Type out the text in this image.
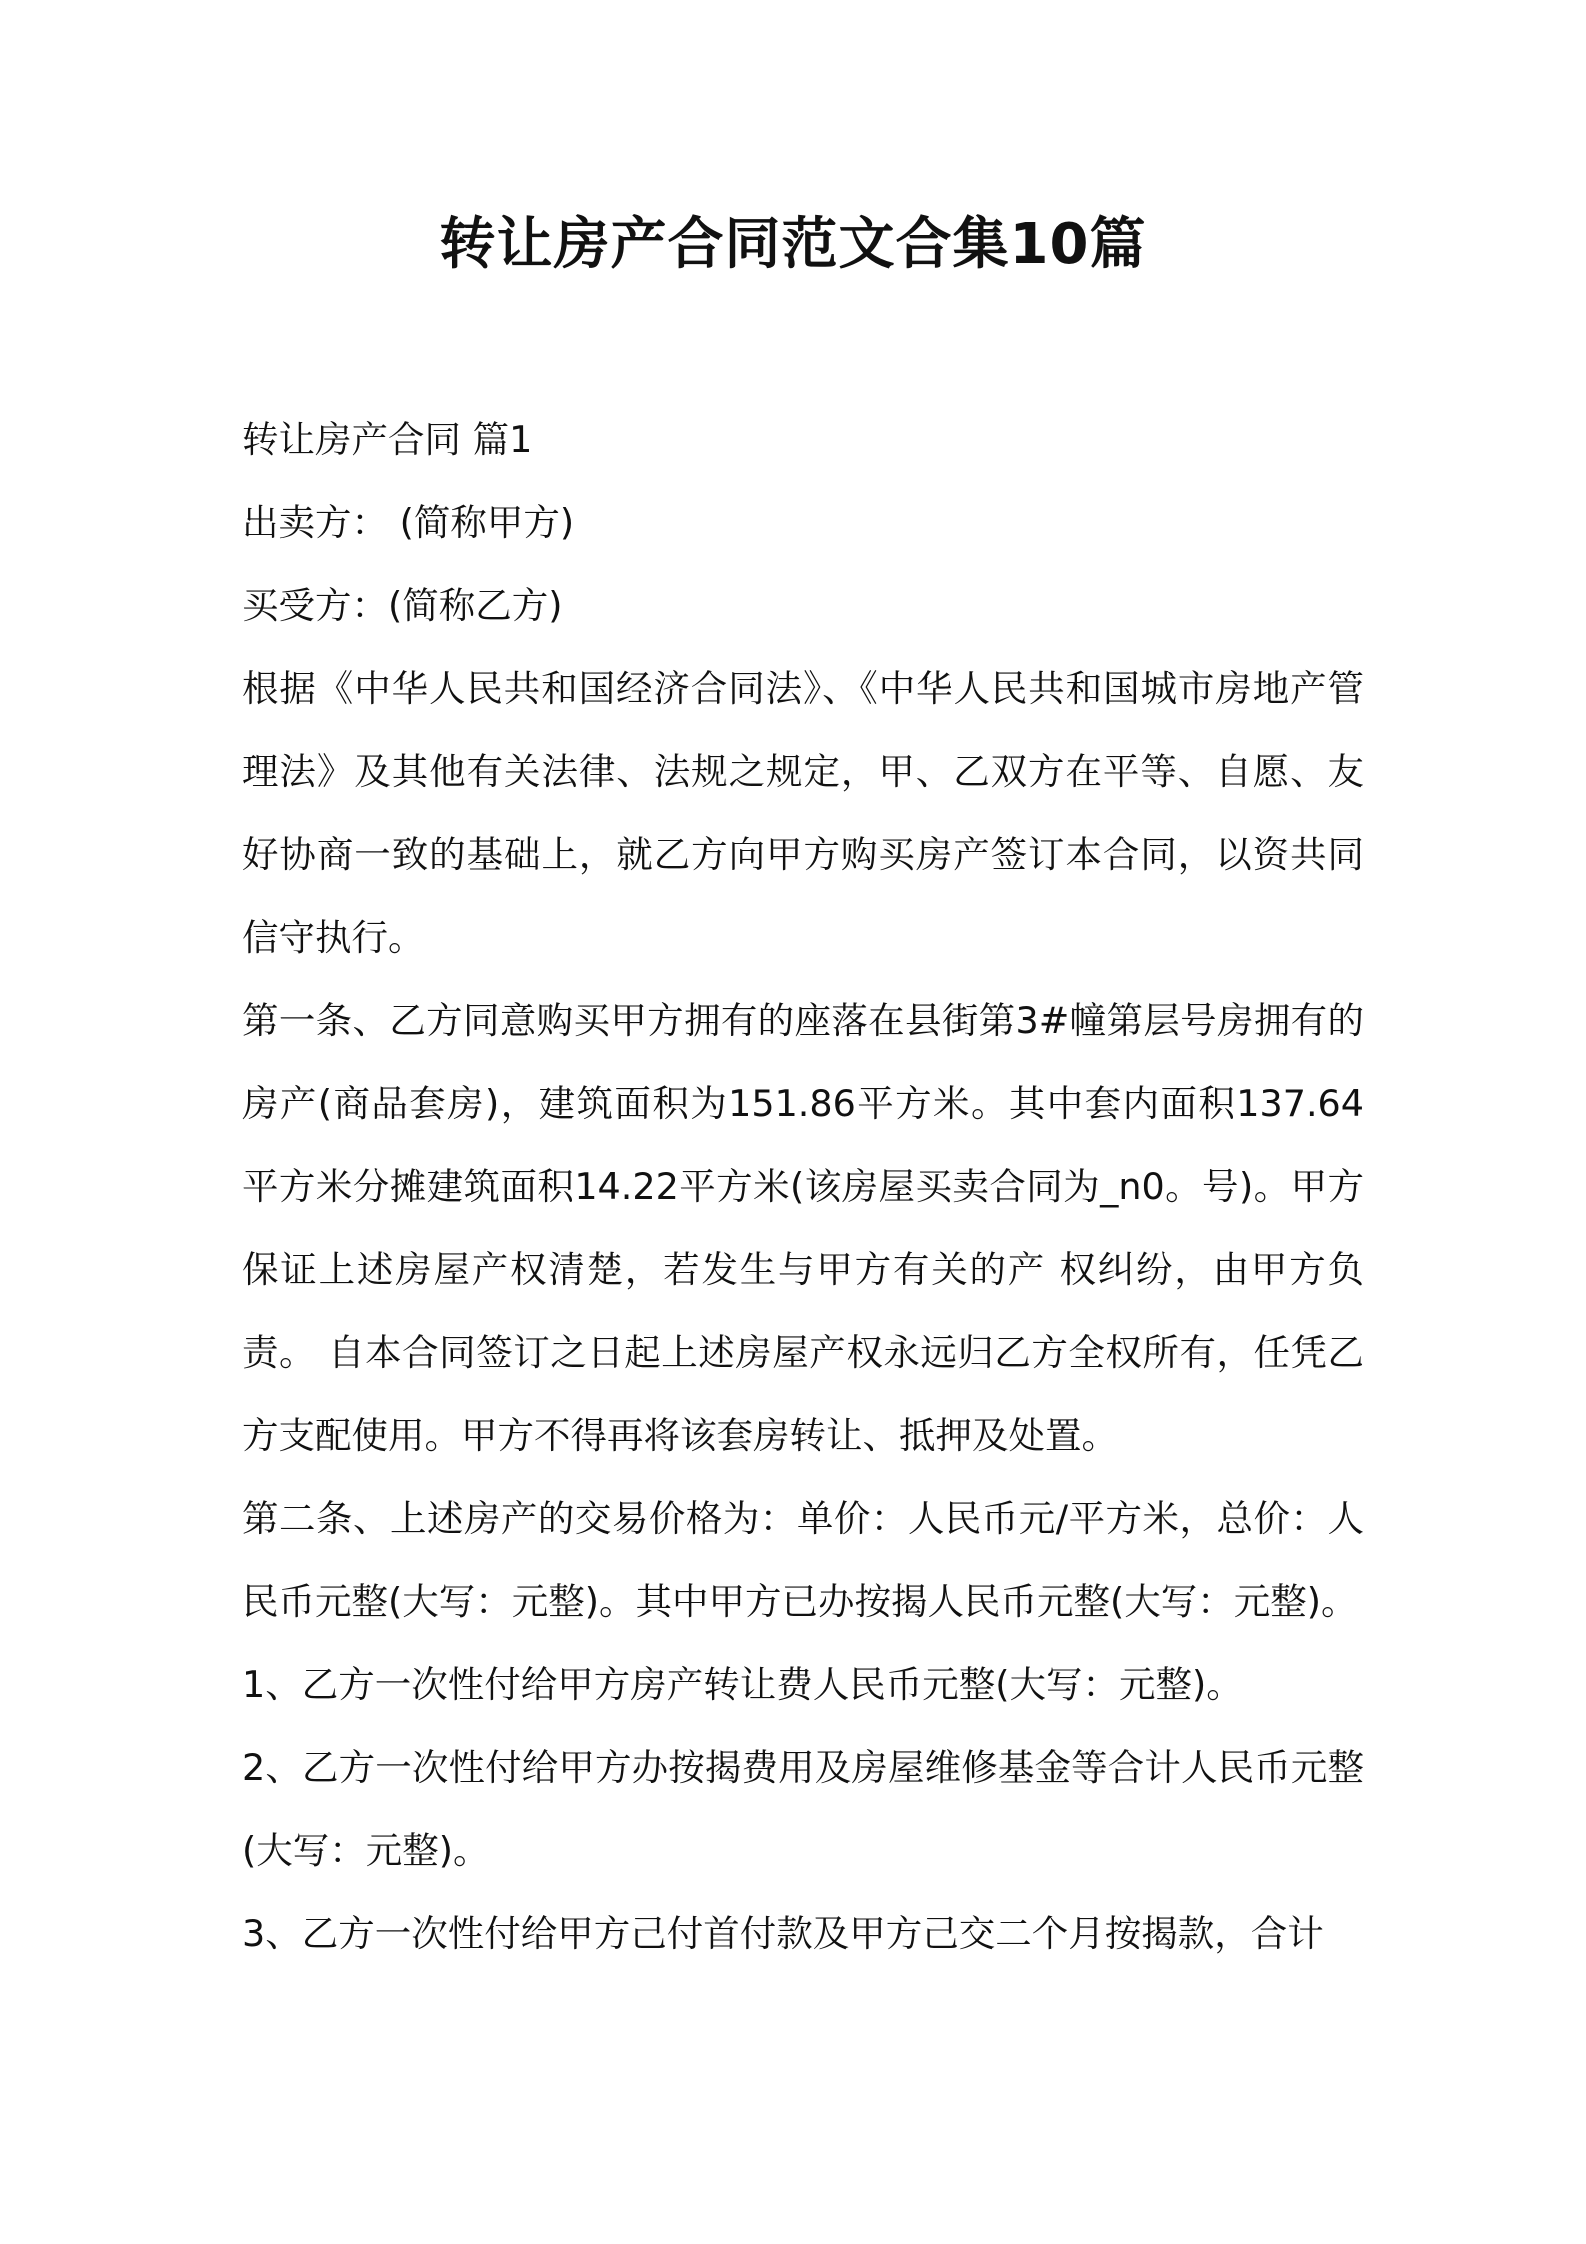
转让房产合同范文合集10篇

转让房产合同 篇1

出卖方： (简称甲方)

买受方：(简称乙方)

根据《中华人民共和国经济合同法》、《中华人民共和国城市房地产管理法》及其他有关法律、法规之规定，甲、乙双方在平等、自愿、友好协商一致的基础上，就乙方向甲方购买房产签订本合同，以资共同信守执行。

第一条、乙方同意购买甲方拥有的座落在县街第3#幢第层号房拥有的房产(商品套房)，建筑面积为151.86平方米。其中套内面积137.64平方米分摊建筑面积14.22平方米(该房屋买卖合同为_n0。号)。甲方保证上述房屋产权清楚，若发生与甲方有关的产 权纠纷，由甲方负责。 自本合同签订之日起上述房屋产权永远归乙方全权所有，任凭乙方支配使用。甲方不得再将该套房转让、抵押及处置。

第二条、上述房产的交易价格为：单价：人民币元/平方米，总价：人民币元整(大写：元整)。其中甲方已办按揭人民币元整(大写：元整)。

1、乙方一次性付给甲方房产转让费人民币元整(大写：元整)。

2、乙方一次性付给甲方办按揭费用及房屋维修基金等合计人民币元整(大写：元整)。

3、乙方一次性付给甲方己付首付款及甲方己交二个月按揭款，合计
